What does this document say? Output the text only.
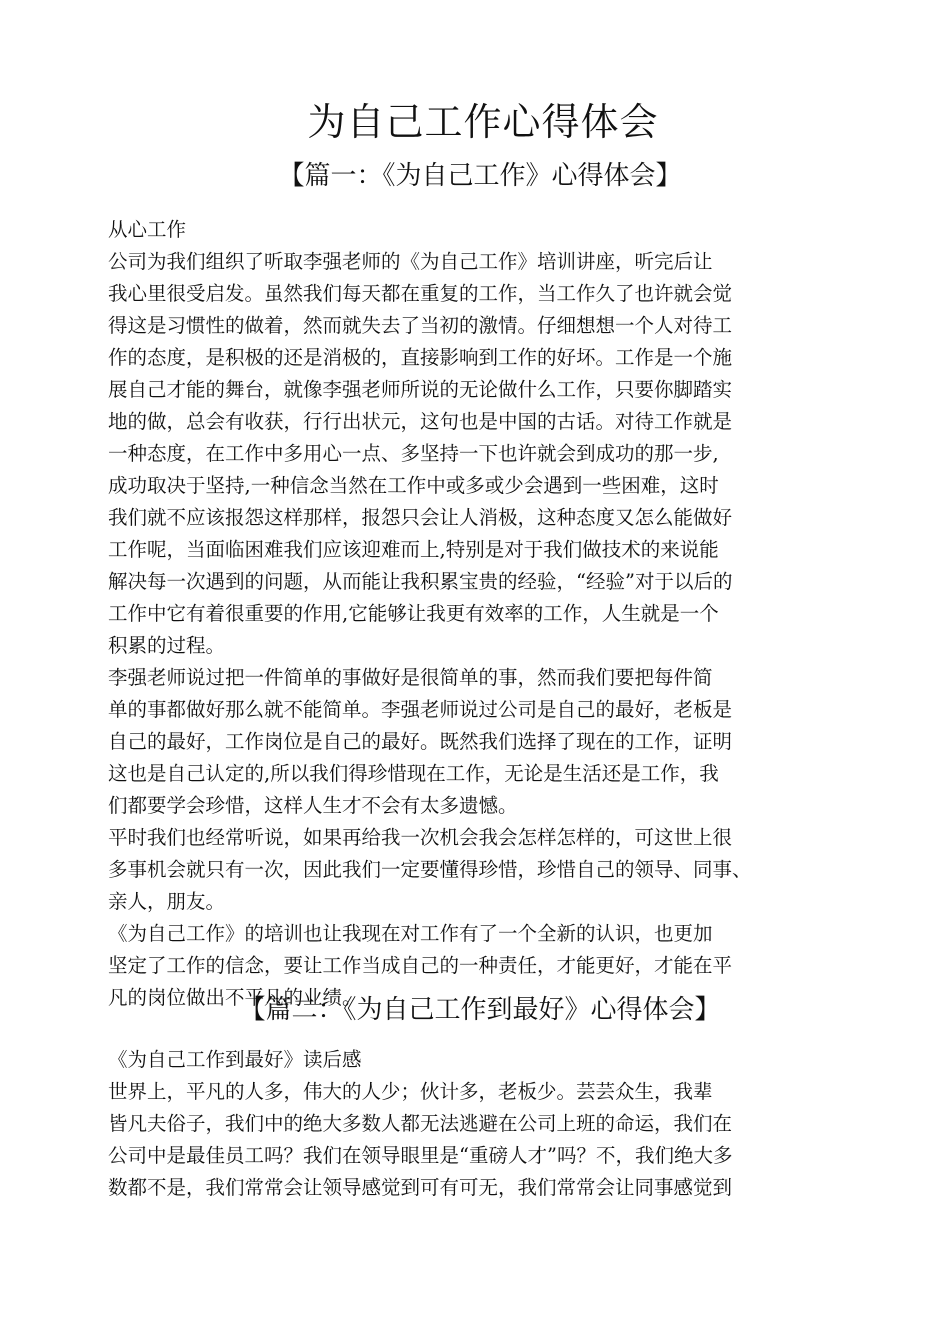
为自己工作心得体会
【篇一：《为自己工作》心得体会】
从心工作
公司为我们组织了听取李强老师的《为自己工作》培训讲座，听完后让
我心里很受启发。虽然我们每天都在重复的工作，当工作久了也许就会觉
得这是习惯性的做着，然而就失去了当初的激情。仔细想想一个人对待工
作的态度，是积极的还是消极的，直接影响到工作的好坏。工作是一个施
展自己才能的舞台，就像李强老师所说的无论做什么工作，只要你脚踏实
地的做，总会有收获，行行出状元，这句也是中国的古话。对待工作就是
一种态度，在工作中多用心一点、多坚持一下也许就会到成功的那一步,
成功取决于坚持,一种信念当然在工作中或多或少会遇到一些困难，这时
我们就不应该报怨这样那样，报怨只会让人消极，这种态度又怎么能做好
工作呢，当面临困难我们应该迎难而上,特别是对于我们做技术的来说能
解决每一次遇到的问题，从而能让我积累宝贵的经验，“经验”对于以后的
工作中它有着很重要的作用,它能够让我更有效率的工作，人生就是一个
积累的过程。
李强老师说过把一件简单的事做好是很简单的事，然而我们要把每件简
单的事都做好那么就不能简单。李强老师说过公司是自己的最好，老板是
自己的最好，工作岗位是自己的最好。既然我们选择了现在的工作，证明
这也是自己认定的,所以我们得珍惜现在工作，无论是生活还是工作，我
们都要学会珍惜，这样人生才不会有太多遗憾。
平时我们也经常听说，如果再给我一次机会我会怎样怎样的，可这世上很
多事机会就只有一次，因此我们一定要懂得珍惜，珍惜自己的领导、同事、
亲人，朋友。
《为自己工作》的培训也让我现在对工作有了一个全新的认识，也更加
坚定了工作的信念，要让工作当成自己的一种责任，才能更好，才能在平
凡的岗位做出不平凡的业绩。
【篇二：《为自己工作到最好》心得体会】
《为自己工作到最好》读后感
世界上，平凡的人多，伟大的人少；伙计多，老板少。芸芸众生，我辈
皆凡夫俗子，我们中的绝大多数人都无法逃避在公司上班的命运，我们在
公司中是最佳员工吗？我们在领导眼里是“重磅人才”吗？不，我们绝大多
数都不是，我们常常会让领导感觉到可有可无，我们常常会让同事感觉到
